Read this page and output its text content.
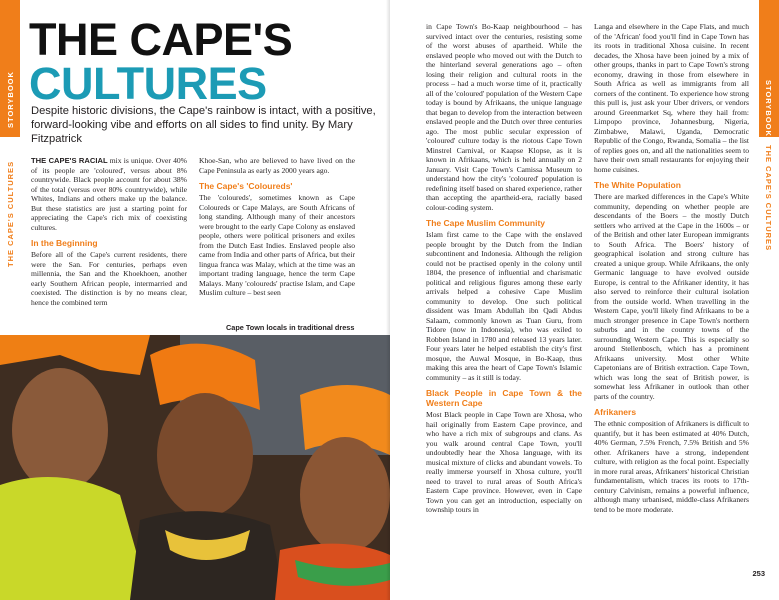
STORYBOOK
THE CAPE'S CULTURES
THE CAPE'S
CULTURES
Despite historic divisions, the Cape's rainbow is intact, with a positive, forward-looking vibe and efforts on all sides to find unity. By Mary Fitzpatrick

THE CAPE'S RACIAL mix is unique. Over 40% of its people are 'coloured', versus about 8% countrywide. Black people account for about 38% of the total (versus over 80% countrywide), while Whites, Indians and others make up the balance. But these statistics are just a starting point for appreciating the Cape's rich mix of coexisting cultures.

In the Beginning

Before all of the Cape's current residents, there were the San. For centuries, perhaps even millennia, the San and the Khoekhoen, another early Southern African people, intermarried and coexisted. The distinction is by no means clear, hence the combined term

Khoe-San, who are believed to have lived on the Cape Peninsula as early as 2000 years ago.

The Cape's 'Coloureds'

The 'coloureds', sometimes known as Cape Coloureds or Cape Malays, are South Africans of long standing. Although many of their ancestors were brought to the early Cape Colony as enslaved people, others were political prisoners and exiles from the Dutch East Indies. Enslaved people also came from India and other parts of Africa, but their lingua franca was Malay, which at the time was an important trading language, hence the term Cape Malays. Many 'coloureds' practise Islam, and Cape Muslim culture – best seen

Cape Town locals in traditional dress

in Cape Town's Bo-Kaap neighbourhood – has survived intact over the centuries, resisting some of the worst abuses of apartheid. While the enslaved people who moved out with the Dutch to the hinterland several generations ago – often losing their religion and cultural roots in the process – had a much worse time of it, practically all of the 'coloured' population of the Western Cape today is bound by Afrikaans, the unique language that began to develop from the interaction between enslaved people and the Dutch over three centuries ago. The most public secular expression of 'coloured' culture today is the riotous Cape Town Minstrel Carnival, or Kaapse Klopse, as it is known in Afrikaans, which is held annually on 2 January. Visit Cape Town's Camissa Museum to understand how the city's 'coloured' population is redefining itself based on shared experience, rather than accepting the apartheid-era, racially based colour-coding system.

The Cape Muslim Community

Islam first came to the Cape with the enslaved people brought by the Dutch from the Indian subcontinent and Indonesia. Although the religion could not be practised openly in the colony until 1804, the presence of influential and charismatic political and religious figures among these early arrivals helped a cohesive Cape Muslim community to develop. One such political dissident was Imam Abdullah ibn Qadi Abdus Salaam, commonly known as Tuan Guru, from Tidore (now in Indonesia), who was exiled to Robben Island in 1780 and released 13 years later. Four years later he helped establish the city's first mosque, the Auwal Mosque, in Bo-Kaap, thus making this area the heart of Cape Town's Islamic community – as it still is today.

Black People in Cape Town & the Western Cape

Most Black people in Cape Town are Xhosa, who hail originally from Eastern Cape province, and who have a rich mix of subgroups and clans. As you walk around central Cape Town, you'll undoubtedly hear the Xhosa language, with its musical mixture of clicks and abundant vowels. To really immerse yourself in Xhosa culture, you'll need to travel to rural areas of South Africa's Eastern Cape province. However, even in Cape Town you can get an introduction, especially on township tours in

Langa and elsewhere in the Cape Flats, and much of the 'African' food you'll find in Cape Town has its roots in traditional Xhosa cuisine. In recent decades, the Xhosa have been joined by a mix of other groups, thanks in part to Cape Town's strong economy, drawing in those from elsewhere in South Africa as well as immigrants from all corners of the continent. To experience how strong this pull is, just ask your Uber drivers, or vendors around Greenmarket Sq, where they hail from: Limpopo province, Johannesburg, Nigeria, Zimbabwe, Malawi, Uganda, Democratic Republic of the Congo, Rwanda, Somalia – the list of replies goes on, and all the nationalities seem to have their own small restaurants for enjoying their home cuisines.

The White Population

There are marked differences in the Cape's White community, depending on whether people are descendants of the Boers – the mostly Dutch settlers who arrived at the Cape in the 1600s – or of the British and other later European immigrants to South Africa. The Boers' history of geographical isolation and strong culture has created a unique group. While Afrikaans, the only Germanic language to have evolved outside Europe, is central to the Afrikaner identity, it has also served to reinforce their cultural isolation from the outside world. When travelling in the Western Cape, you'll likely find Afrikaans to be a much stronger presence in Cape Town's northern suburbs and in the country towns of the surrounding Western Cape. This is especially so around Stellenbosch, which has a prominent Afrikaans university. Most other White Capetonians are of British extraction. Cape Town, which was long the seat of British power, is somewhat less Afrikaner in outlook than other parts of the country.

Afrikaners

The ethnic composition of Afrikaners is difficult to quantify, but it has been estimated at 40% Dutch, 40% German, 7.5% French, 7.5% British and 5% other. Afrikaners have a strong, independent culture, with religion as the focal point. Especially in more rural areas, Afrikaners' historical Christian fundamentalism, which traces its roots to 17th-century Calvinism, remains a powerful influence, although many urbanised, middle-class Afrikaners tend to be more moderate.

STORYBOOK
THE CAPE'S CULTURES
253
